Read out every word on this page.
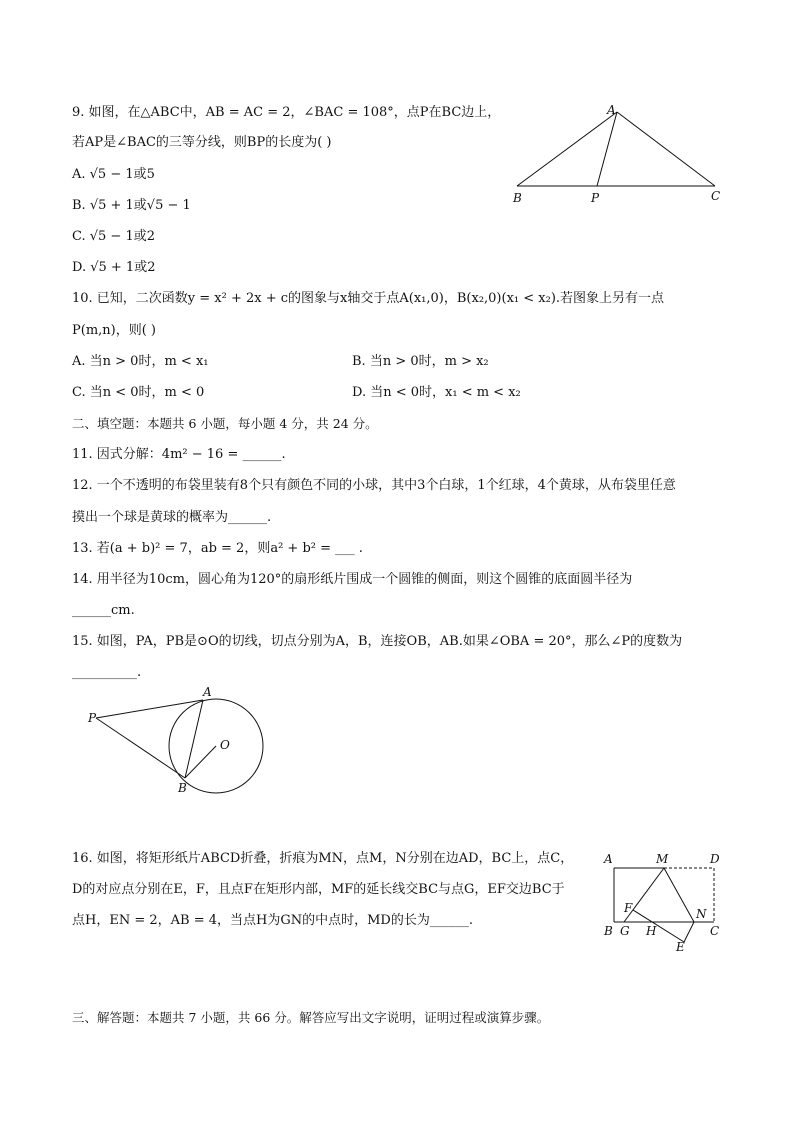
9. 如图，在△ABC中，AB = AC = 2，∠BAC = 108°，点P在BC边上，
若AP是∠BAC的三等分线，则BP的长度为( )
A. √5 − 1或5
B. √5 + 1或√5 − 1
C. √5 − 1或2
D. √5 + 1或2
A
B	P	C
10. 已知，二次函数y = x² + 2x + c的图象与x轴交于点A(x₁,0)，B(x₂,0)(x₁ < x₂).若图象上另有一点
P(m,n)，则( )
A. 当n > 0时，m < x₁	B. 当n > 0时，m > x₂
C. 当n < 0时，m < 0	D. 当n < 0时，x₁ < m < x₂
二、填空题：本题共 6 小题，每小题 4 分，共 24 分。
11. 因式分解：4m² − 16 = ______.
12. 一个不透明的布袋里装有8个只有颜色不同的小球，其中3个白球，1个红球，4个黄球，从布袋里任意
摸出一个球是黄球的概率为______.
13. 若(a + b)² = 7，ab = 2，则a² + b² = ___ .
14. 用半径为10cm，圆心角为120°的扇形纸片围成一个圆锥的侧面，则这个圆锥的底面圆半径为
______cm.
15. 如图，PA，PB是⊙O的切线，切点分别为A，B，连接OB，AB.如果∠OBA = 20°，那么∠P的度数为
__________.
P
A
O
B
16. 如图，将矩形纸片ABCD折叠，折痕为MN，点M，N分别在边AD，BC上，点C，
D的对应点分别在E，F，且点F在矩形内部，MF的延长线交BC与点G，EF交边BC于
点H，EN = 2，AB = 4，当点H为GN的中点时，MD的长为______.
A	M	D
F	N
B G H	C
E
三、解答题：本题共 7 小题，共 66 分。解答应写出文字说明，证明过程或演算步骤。
